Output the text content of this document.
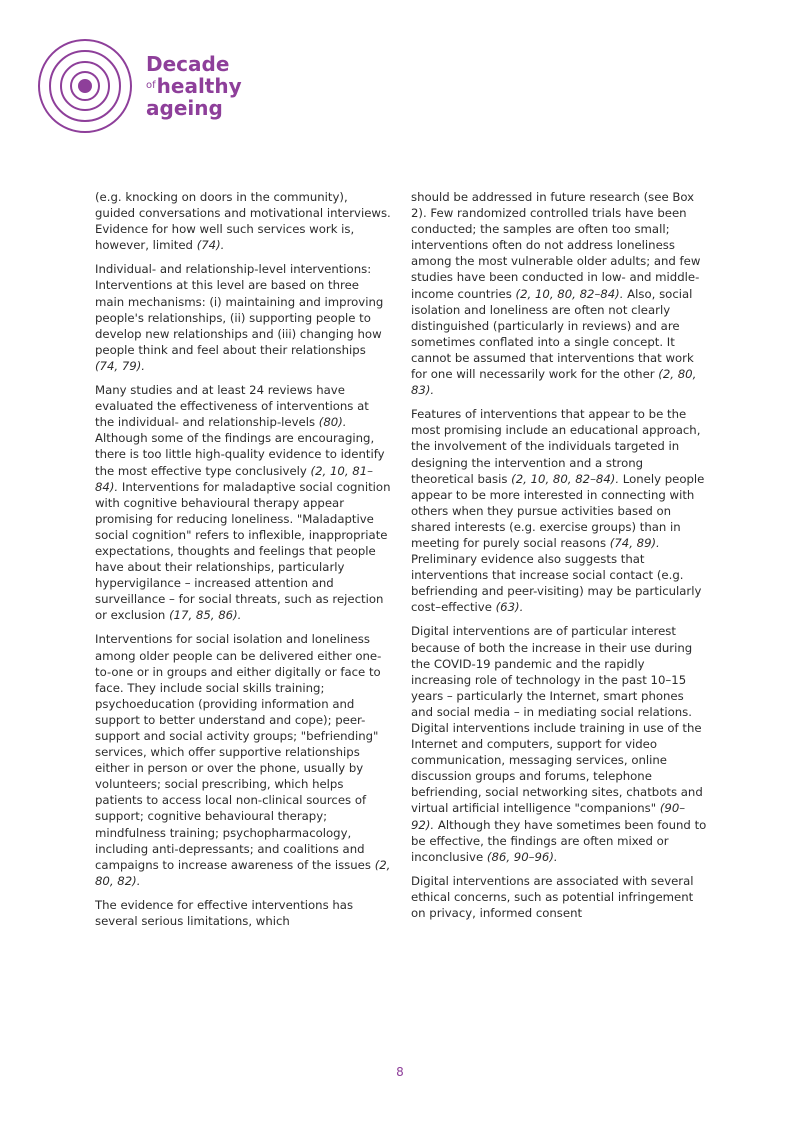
Decade
$^{of}$healthy
ageing

(e.g. knocking on doors in the community), guided conversations and motivational interviews. Evidence for how well such services work is, however, limited (74).

Individual- and relationship-level interventions: Interventions at this level are based on three main mechanisms: (i) maintaining and improving people's relationships, (ii) supporting people to develop new relationships and (iii) changing how people think and feel about their relationships (74, 79).

Many studies and at least 24 reviews have evaluated the effectiveness of interventions at the individual- and relationship-levels (80). Although some of the findings are encouraging, there is too little high-quality evidence to identify the most effective type conclusively (2, 10, 81–84). Interventions for maladaptive social cognition with cognitive behavioural therapy appear promising for reducing loneliness. "Maladaptive social cognition" refers to inflexible, inappropriate expectations, thoughts and feelings that people have about their relationships, particularly hypervigilance – increased attention and surveillance – for social threats, such as rejection or exclusion (17, 85, 86).

Interventions for social isolation and loneliness among older people can be delivered either one-to-one or in groups and either digitally or face to face. They include social skills training; psychoeducation (providing information and support to better understand and cope); peer-support and social activity groups; "befriending" services, which offer supportive relationships either in person or over the phone, usually by volunteers; social prescribing, which helps patients to access local non-clinical sources of support; cognitive behavioural therapy; mindfulness training; psychopharmacology, including anti-depressants; and coalitions and campaigns to increase awareness of the issues (2, 80, 82).

The evidence for effective interventions has several serious limitations, which

should be addressed in future research (see Box 2). Few randomized controlled trials have been conducted; the samples are often too small; interventions often do not address loneliness among the most vulnerable older adults; and few studies have been conducted in low- and middle-income countries (2, 10, 80, 82–84). Also, social isolation and loneliness are often not clearly distinguished (particularly in reviews) and are sometimes conflated into a single concept. It cannot be assumed that interventions that work for one will necessarily work for the other (2, 80, 83).

Features of interventions that appear to be the most promising include an educational approach, the involvement of the individuals targeted in designing the intervention and a strong theoretical basis (2, 10, 80, 82–84). Lonely people appear to be more interested in connecting with others when they pursue activities based on shared interests (e.g. exercise groups) than in meeting for purely social reasons (74, 89). Preliminary evidence also suggests that interventions that increase social contact (e.g. befriending and peer-visiting) may be particularly cost–effective (63).

Digital interventions are of particular interest because of both the increase in their use during the COVID-19 pandemic and the rapidly increasing role of technology in the past 10–15 years – particularly the Internet, smart phones and social media – in mediating social relations. Digital interventions include training in use of the Internet and computers, support for video communication, messaging services, online discussion groups and forums, telephone befriending, social networking sites, chatbots and virtual artificial intelligence "companions" (90–92). Although they have sometimes been found to be effective, the findings are often mixed or inconclusive (86, 90–96).

Digital interventions are associated with several ethical concerns, such as potential infringement on privacy, informed consent

8
